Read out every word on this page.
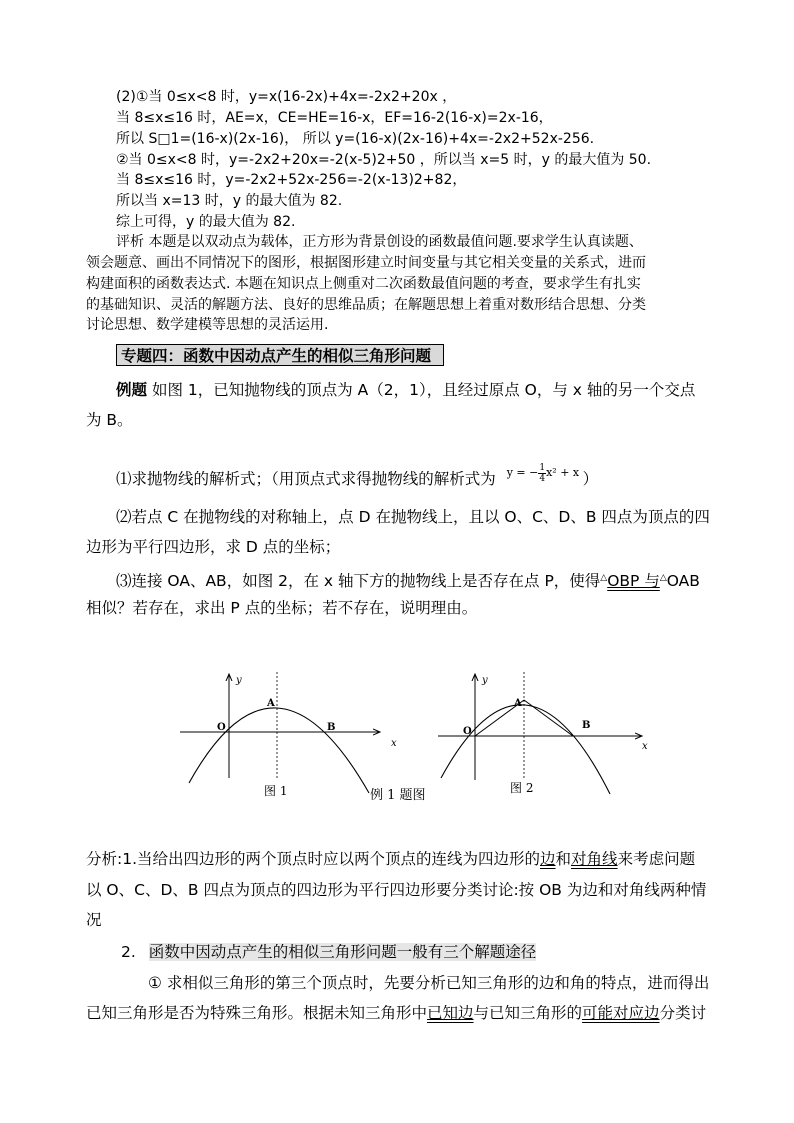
(2)①当 0≤x<8 时，y=x(16-2x)+4x=-2x2+20x ，
当 8≤x≤16 时，AE=x，CE=HE=16-x，EF=16-2(16-x)=2x-16，
所以 S□1=(16-x)(2x-16)， 所以 y=(16-x)(2x-16)+4x=-2x2+52x-256.
②当 0≤x<8 时，y=-2x2+20x=-2(x-5)2+50 ，所以当 x=5 时，y 的最大值为 50.
当 8≤x≤16 时，y=-2x2+52x-256=-2(x-13)2+82，
所以当 x=13 时，y 的最大值为 82.
综上可得，y 的最大值为 82.
评析 本题是以双动点为载体，正方形为背景创设的函数最值问题.要求学生认真读题、
领会题意、画出不同情况下的图形，根据图形建立时间变量与其它相关变量的关系式，进而
构建面积的函数表达式. 本题在知识点上侧重对二次函数最值问题的考查，要求学生有扎实
的基础知识、灵活的解题方法、良好的思维品质；在解题思想上着重对数形结合思想、分类
讨论思想、数学建模等思想的灵活运用.
专题四：函数中因动点产生的相似三角形问题
例题 如图 1，已知抛物线的顶点为 A（2，1），且经过原点 O，与 x 轴的另一个交点
为 B。
⑴求抛物线的解析式；（用顶点式求得抛物线的解析式为 $^{y = - \frac{1}{4} x^2 + x}$ ）
⑵若点 C 在抛物线的对称轴上，点 D 在抛物线上，且以 O、C、D、B 四点为顶点的四
边形为平行四边形，求 D 点的坐标；
⑶连接 OA、AB，如图 2，在 x 轴下方的抛物线上是否存在点 P，使得△OBP 与△OAB
相似？若存在，求出 P 点的坐标；若不存在，说明理由。
y
x
O
A
B
图 1	例 1 题图
y
x
O
A
B
图 2
分析:1.当给出四边形的两个顶点时应以两个顶点的连线为四边形的边和对角线来考虑问题
以 O、C、D、B 四点为顶点的四边形为平行四边形要分类讨论:按 OB 为边和对角线两种情
况
2. 函数中因动点产生的相似三角形问题一般有三个解题途径
① 求相似三角形的第三个顶点时，先要分析已知三角形的边和角的特点，进而得出
已知三角形是否为特殊三角形。根据未知三角形中已知边与已知三角形的可能对应边分类讨
